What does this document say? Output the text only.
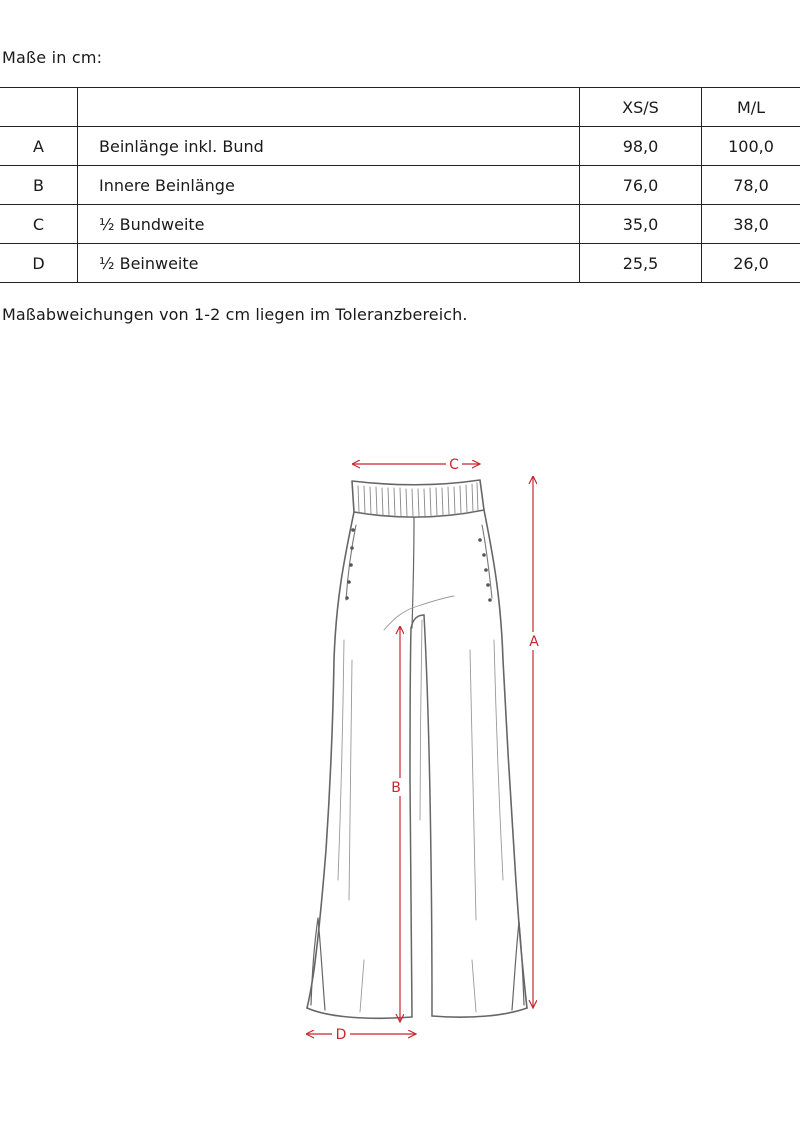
Maße in cm:
		XS/S	M/L
A	Beinlänge inkl. Bund	98,0	100,0
B	Innere Beinlänge	76,0	78,0
C	½ Bundweite	35,0	38,0
D	½ Beinweite	25,5	26,0
Maßabweichungen von 1-2 cm liegen im Toleranzbereich.
C
A
B
D
